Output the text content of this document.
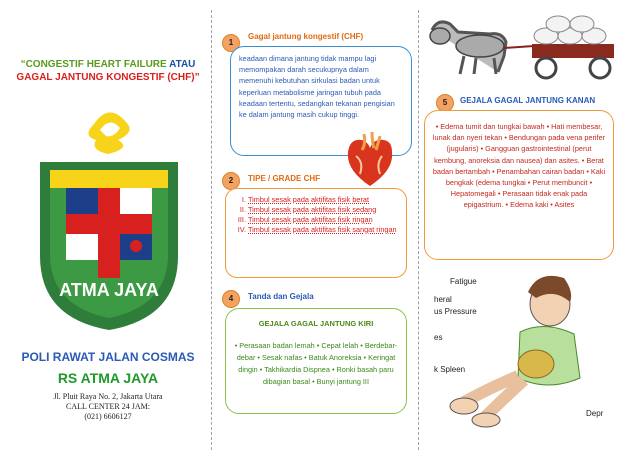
“CONGESTIF HEART FAILURE ATAU GAGAL JANTUNG KONGESTIF (CHF)”
ATMA JAYA
POLI RAWAT JALAN COSMAS
RS ATMA JAYA
Jl. Pluit Raya No. 2, Jakarta Utara
CALL CENTER 24 JAM:
(021) 6606127
1
Gagal jantung kongestif (CHF)

keadaan dimana jantung tidak mampu lagi memompakan darah secukupnya dalam memenuhi kebutuhan sirkulasi badan untuk keperluan metabolisme jaringan tubuh pada keadaan tertentu, sedangkan tekanan pengisian ke dalam jantung masih cukup tinggi.

2	TIPE / GRADE CHF
I. Timbul sesak pada aktifitas fisik berat
II. Timbul sesak pada aktifitas fisik sedang
III. Timbul sesak pada aktifitas fisik ringan
IV. Timbul sesak pada aktifitas fisik sangat ringan
4	Tanda dan Gejala
GEJALA GAGAL JANTUNG KIRI

• Perasaan badan lemah • Cepat lelah • Berdebar-debar • Sesak nafas • Batuk Anoreksia • Keringat dingin • Takhikardia Dispnea • Ronki basah paru dibagian basal • Bunyi jantung III

5	GEJALA GAGAL JANTUNG KANAN

• Edema tumit dan tungkai bawah • Hati membesar, lunak dan nyeri tekan • Bendungan pada vena perifer (jugularis) • Gangguan gastrointestinal (perut kembung, anoreksia dan nausea) dan asites. • Berat badan bertambah • Penambahan cairan badan • Kaki bengkak (edema tungkai • Perut membuncit • Hepatomegali • Perasaan tidak enak pada epigastrium. • Edema kaki • Asites

Fatigue
heral
us Pressure
es
k Spleen
Depr
